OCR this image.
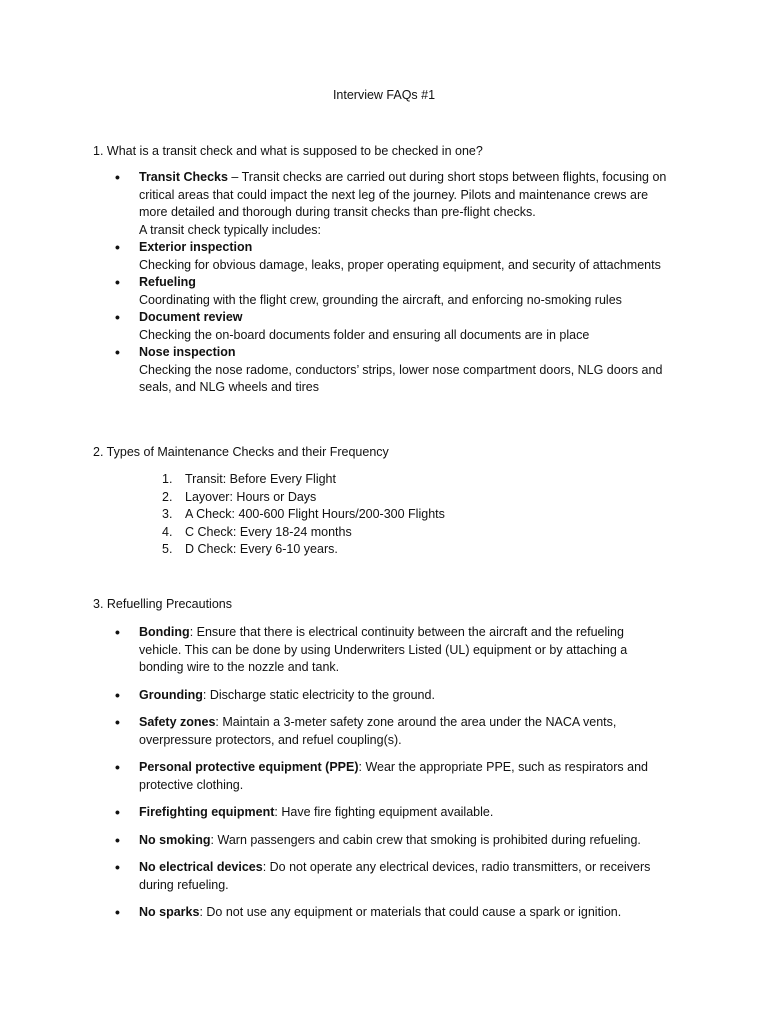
Interview FAQs #1
1. What is a transit check and what is supposed to be checked in one?
• Transit Checks – Transit checks are carried out during short stops between flights, focusing on critical areas that could impact the next leg of the journey. Pilots and maintenance crews are more detailed and thorough during transit checks than pre-flight checks.
A transit check typically includes:
• Exterior inspection
Checking for obvious damage, leaks, proper operating equipment, and security of attachments
• Refueling
Coordinating with the flight crew, grounding the aircraft, and enforcing no-smoking rules
• Document review
Checking the on-board documents folder and ensuring all documents are in place
• Nose inspection
Checking the nose radome, conductors’ strips, lower nose compartment doors, NLG doors and seals, and NLG wheels and tires
2. Types of Maintenance Checks and their Frequency
1. Transit: Before Every Flight
2. Layover: Hours or Days
3. A Check: 400-600 Flight Hours/200-300 Flights
4. C Check: Every 18-24 months
5. D Check: Every 6-10 years.
3. Refuelling Precautions
• Bonding: Ensure that there is electrical continuity between the aircraft and the refueling vehicle. This can be done by using Underwriters Listed (UL) equipment or by attaching a bonding wire to the nozzle and tank.
• Grounding: Discharge static electricity to the ground.
• Safety zones: Maintain a 3-meter safety zone around the area under the NACA vents, overpressure protectors, and refuel coupling(s).
• Personal protective equipment (PPE): Wear the appropriate PPE, such as respirators and protective clothing.
• Firefighting equipment: Have fire fighting equipment available.
• No smoking: Warn passengers and cabin crew that smoking is prohibited during refueling.
• No electrical devices: Do not operate any electrical devices, radio transmitters, or receivers during refueling.
• No sparks: Do not use any equipment or materials that could cause a spark or ignition.
